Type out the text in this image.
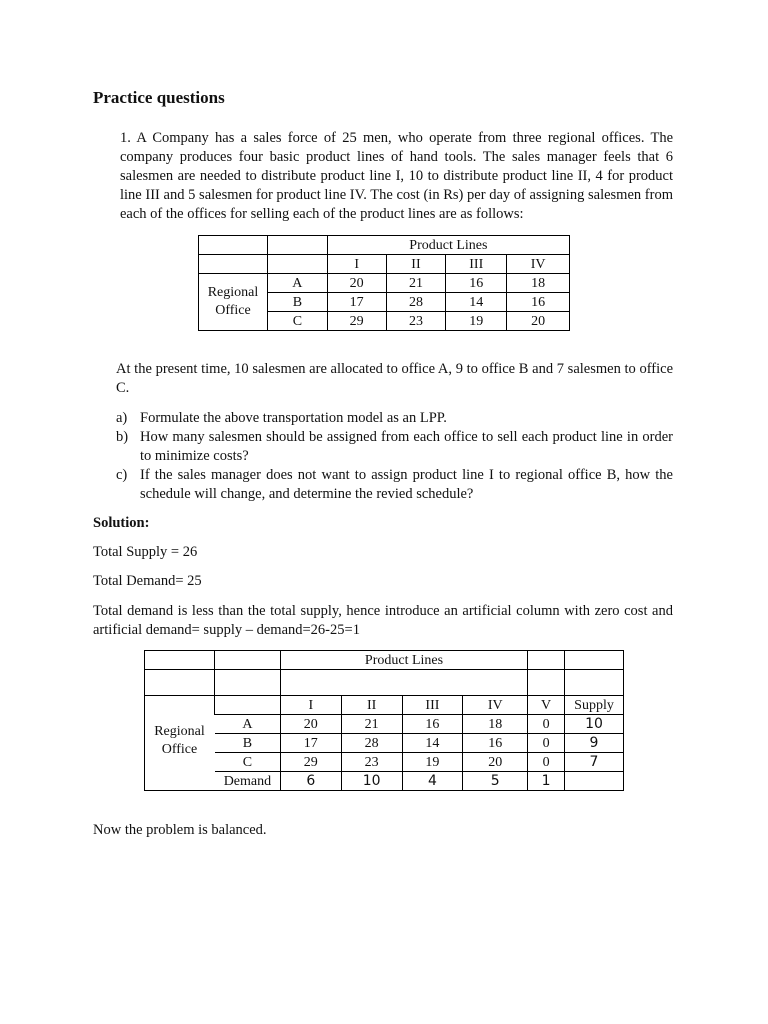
Practice questions
1. A Company has a sales force of 25 men, who operate from three regional offices. The company produces four basic product lines of hand tools. The sales manager feels that 6 salesmen are needed to distribute product line I, 10 to distribute product line II, 4 for product line III and 5 salesmen for product line IV. The cost (in Rs) per day of assigning salesmen from each of the offices for selling each of the product lines are as follows:
		Product Lines			
		I	II	III	IV
Regional Office	A	20	21	16	18
	B	17	28	14	16
	C	29	23	19	20
At the present time, 10 salesmen are allocated to office A, 9 to office B and 7 salesmen to office C.
a) Formulate the above transportation model as an LPP.
b) How many salesmen should be assigned from each office to sell each product line in order to minimize costs?
c) If the sales manager does not want to assign product line I to regional office B, how the schedule will change, and determine the revied schedule?
Solution:
Total Supply = 26
Total Demand= 25
Total demand is less than the total supply, hence introduce an artificial column with zero cost and artificial demand= supply – demand=26-25=1
		Product Lines					

		I	II	III	IV	V	Supply
Regional Office	A	20	21	16	18	0	10
	B	17	28	14	16	0	9
	C	29	23	19	20	0	7
	Demand	6	10	4	5	1	
Now the problem is balanced.
